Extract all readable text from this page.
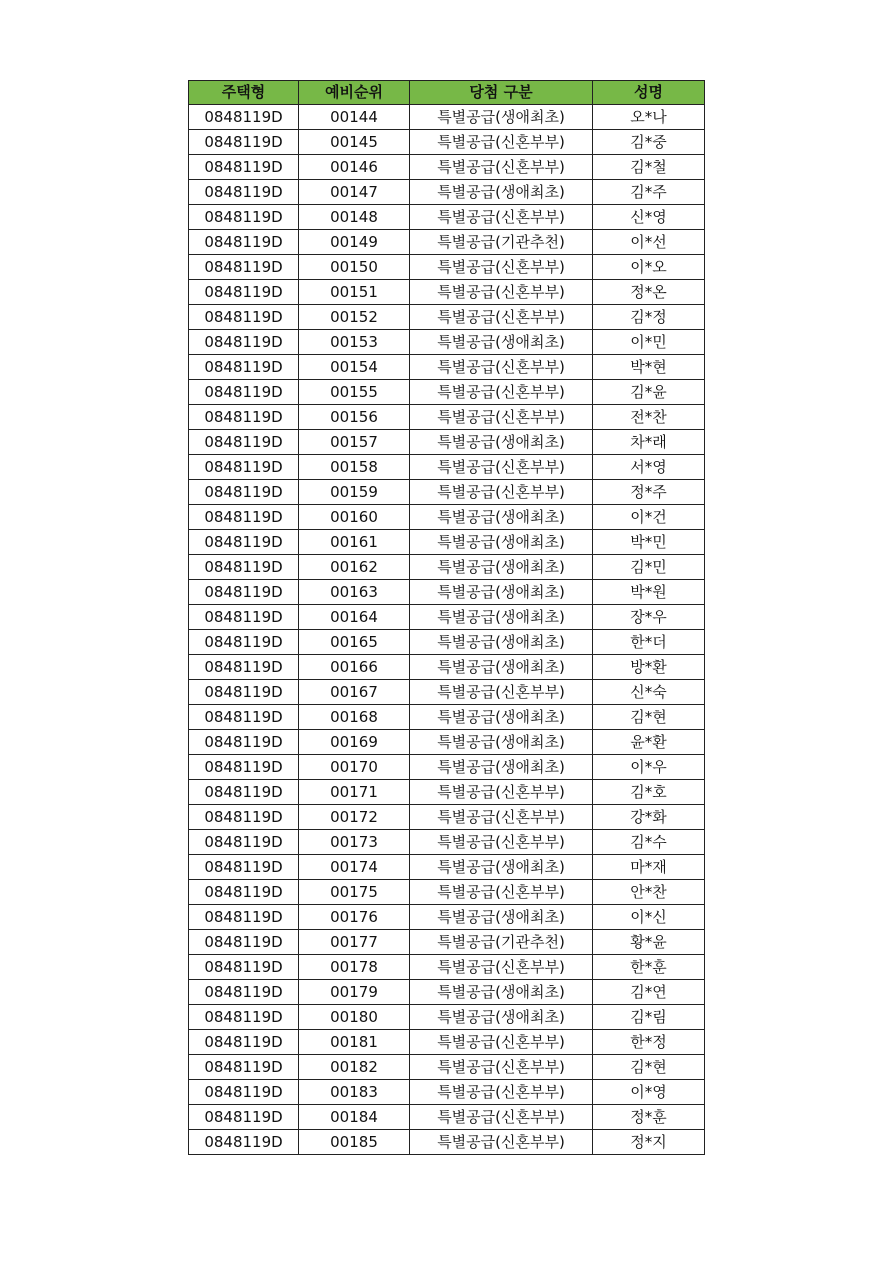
주택형	예비순위	당첨 구분	성명
0848119D	00144	특별공급(생애최초)	오*나
0848119D	00145	특별공급(신혼부부)	김*중
0848119D	00146	특별공급(신혼부부)	김*철
0848119D	00147	특별공급(생애최초)	김*주
0848119D	00148	특별공급(신혼부부)	신*영
0848119D	00149	특별공급(기관추천)	이*선
0848119D	00150	특별공급(신혼부부)	이*오
0848119D	00151	특별공급(신혼부부)	정*온
0848119D	00152	특별공급(신혼부부)	김*정
0848119D	00153	특별공급(생애최초)	이*민
0848119D	00154	특별공급(신혼부부)	박*현
0848119D	00155	특별공급(신혼부부)	김*윤
0848119D	00156	특별공급(신혼부부)	전*찬
0848119D	00157	특별공급(생애최초)	차*래
0848119D	00158	특별공급(신혼부부)	서*영
0848119D	00159	특별공급(신혼부부)	정*주
0848119D	00160	특별공급(생애최초)	이*건
0848119D	00161	특별공급(생애최초)	박*민
0848119D	00162	특별공급(생애최초)	김*민
0848119D	00163	특별공급(생애최초)	박*원
0848119D	00164	특별공급(생애최초)	장*우
0848119D	00165	특별공급(생애최초)	한*더
0848119D	00166	특별공급(생애최초)	방*환
0848119D	00167	특별공급(신혼부부)	신*숙
0848119D	00168	특별공급(생애최초)	김*현
0848119D	00169	특별공급(생애최초)	윤*환
0848119D	00170	특별공급(생애최초)	이*우
0848119D	00171	특별공급(신혼부부)	김*호
0848119D	00172	특별공급(신혼부부)	강*화
0848119D	00173	특별공급(신혼부부)	김*수
0848119D	00174	특별공급(생애최초)	마*재
0848119D	00175	특별공급(신혼부부)	안*찬
0848119D	00176	특별공급(생애최초)	이*신
0848119D	00177	특별공급(기관추천)	황*윤
0848119D	00178	특별공급(신혼부부)	한*훈
0848119D	00179	특별공급(생애최초)	김*연
0848119D	00180	특별공급(생애최초)	김*림
0848119D	00181	특별공급(신혼부부)	한*정
0848119D	00182	특별공급(신혼부부)	김*현
0848119D	00183	특별공급(신혼부부)	이*영
0848119D	00184	특별공급(신혼부부)	정*훈
0848119D	00185	특별공급(신혼부부)	정*지
